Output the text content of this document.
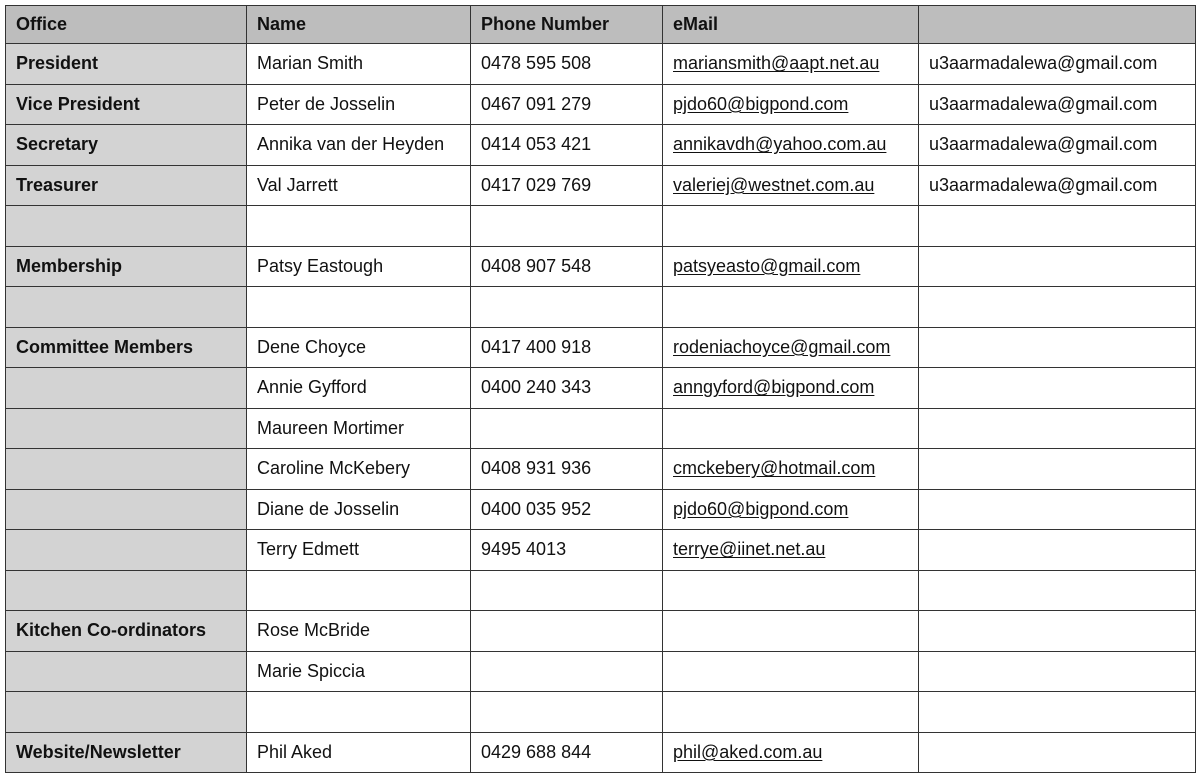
Office	Name	Phone Number	eMail	
President	Marian Smith	0478 595 508	mariansmith@aapt.net.au	u3aarmadalewa@gmail.com
Vice President	Peter de Josselin	0467 091 279	pjdo60@bigpond.com	u3aarmadalewa@gmail.com
Secretary	Annika van der Heyden	0414 053 421	annikavdh@yahoo.com.au	u3aarmadalewa@gmail.com
Treasurer	Val Jarrett	0417 029 769	valeriej@westnet.com.au	u3aarmadalewa@gmail.com

Membership	Patsy Eastough	0408 907 548	patsyeasto@gmail.com	

Committee Members	Dene Choyce	0417 400 918	rodeniachoyce@gmail.com	
	Annie Gyfford	0400 240 343	anngyford@bigpond.com	
	Maureen Mortimer			
	Caroline McKebery	0408 931 936	cmckebery@hotmail.com	
	Diane de Josselin	0400 035 952	pjdo60@bigpond.com	
	Terry Edmett	9495 4013	terrye@iinet.net.au	

Kitchen Co-ordinators	Rose McBride			
	Marie Spiccia			

Website/Newsletter	Phil Aked	0429 688 844	phil@aked.com.au	
